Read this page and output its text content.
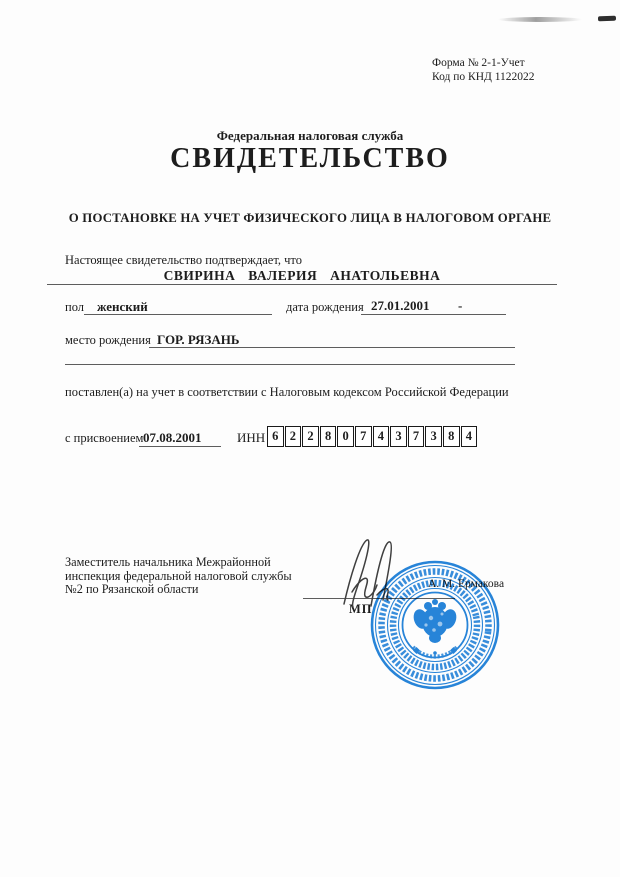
Форма № 2-1-Учет
Код по КНД 1122022
Федеральная налоговая служба
СВИДЕТЕЛЬСТВО
О ПОСТАНОВКЕ НА УЧЕТ ФИЗИЧЕСКОГО ЛИЦА В НАЛОГОВОМ ОРГАНЕ
Настоящее свидетельство подтверждает, что
СВИРИНА ВАЛЕРИЯ АНАТОЛЬЕВНА
пол женский	дата рождения 27.01.2001 -
место рождения ГОР. РЯЗАНЬ
поставлен(а) на учет в соответствии с Налоговым кодексом Российской Федерации
с присвоением 07.08.2001	ИНН 6 2 2 8 0 7 4 3 7 3 8 4
Заместитель начальника Межрайонной
инспекция федеральной налоговой службы
№2 по Рязанской области	А. М. Ермакова
МП
